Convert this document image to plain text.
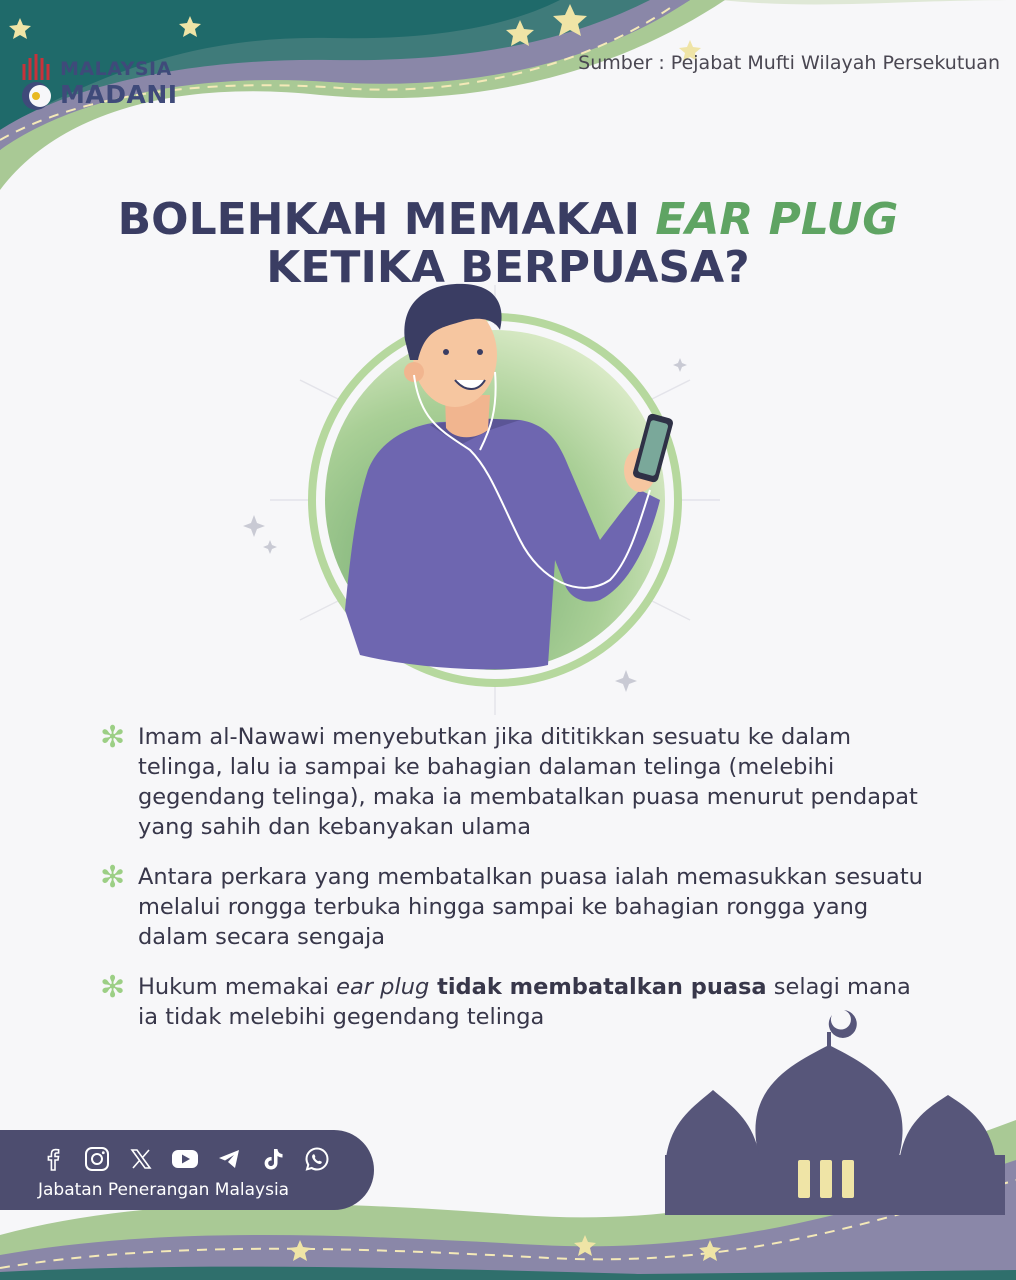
MALAYSIA
MADANI
Sumber : Pejabat Mufti Wilayah Persekutuan
BOLEHKAH MEMAKAI EAR PLUG
KETIKA BERPUASA?
✻ Imam al-Nawawi menyebutkan jika dititikkan sesuatu ke dalam telinga, lalu ia sampai ke bahagian dalaman telinga (melebihi gegendang telinga), maka ia membatalkan puasa menurut pendapat yang sahih dan kebanyakan ulama
✻ Antara perkara yang membatalkan puasa ialah memasukkan sesuatu melalui rongga terbuka hingga sampai ke bahagian rongga yang dalam secara sengaja
✻ Hukum memakai ear plug tidak membatalkan puasa selagi mana ia tidak melebihi gegendang telinga
Jabatan Penerangan Malaysia
